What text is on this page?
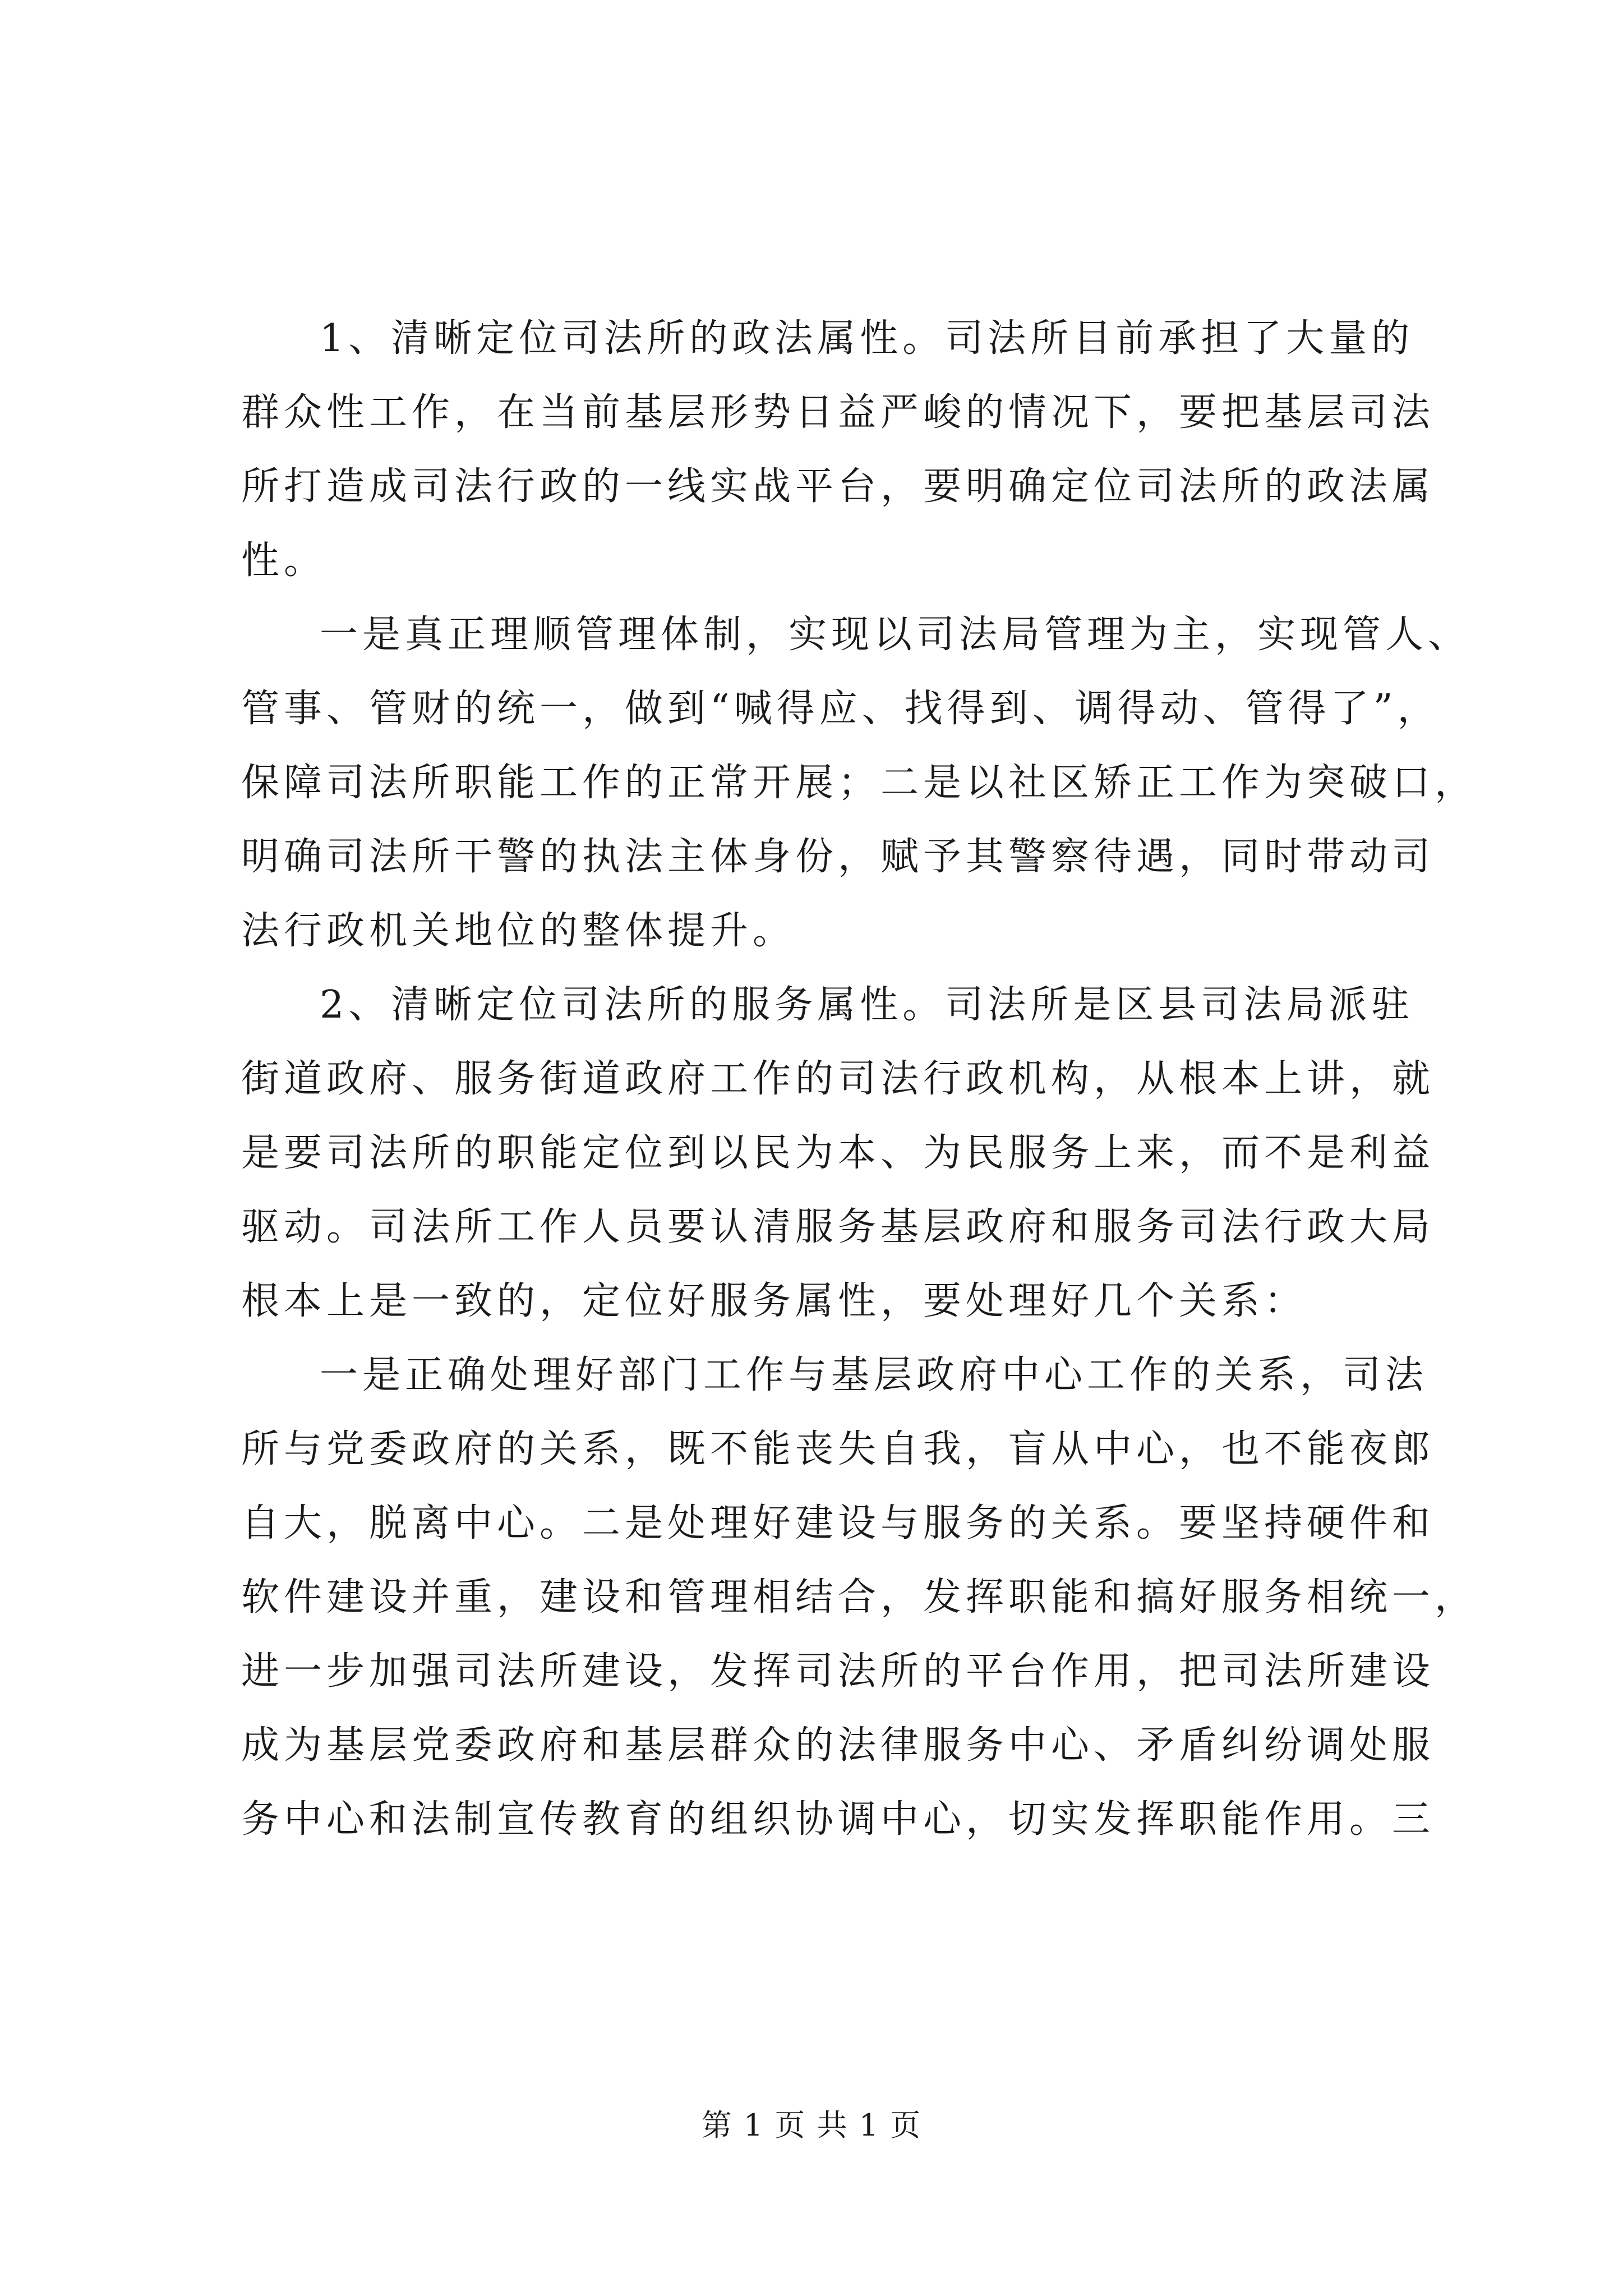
1、清晰定位司法所的政法属性。司法所目前承担了大量的
群众性工作，在当前基层形势日益严峻的情况下，要把基层司法
所打造成司法行政的一线实战平台，要明确定位司法所的政法属
性。

一是真正理顺管理体制，实现以司法局管理为主，实现管人、
管事、管财的统一，做到“喊得应、找得到、调得动、管得了”，
保障司法所职能工作的正常开展；二是以社区矫正工作为突破口，
明确司法所干警的执法主体身份，赋予其警察待遇，同时带动司
法行政机关地位的整体提升。

2、清晰定位司法所的服务属性。司法所是区县司法局派驻
街道政府、服务街道政府工作的司法行政机构，从根本上讲，就
是要司法所的职能定位到以民为本、为民服务上来，而不是利益
驱动。司法所工作人员要认清服务基层政府和服务司法行政大局
根本上是一致的，定位好服务属性，要处理好几个关系：

一是正确处理好部门工作与基层政府中心工作的关系，司法
所与党委政府的关系，既不能丧失自我，盲从中心，也不能夜郎
自大，脱离中心。二是处理好建设与服务的关系。要坚持硬件和
软件建设并重，建设和管理相结合，发挥职能和搞好服务相统一，
进一步加强司法所建设，发挥司法所的平台作用，把司法所建设
成为基层党委政府和基层群众的法律服务中心、矛盾纠纷调处服
务中心和法制宣传教育的组织协调中心，切实发挥职能作用。三

第 1 页 共 1 页
